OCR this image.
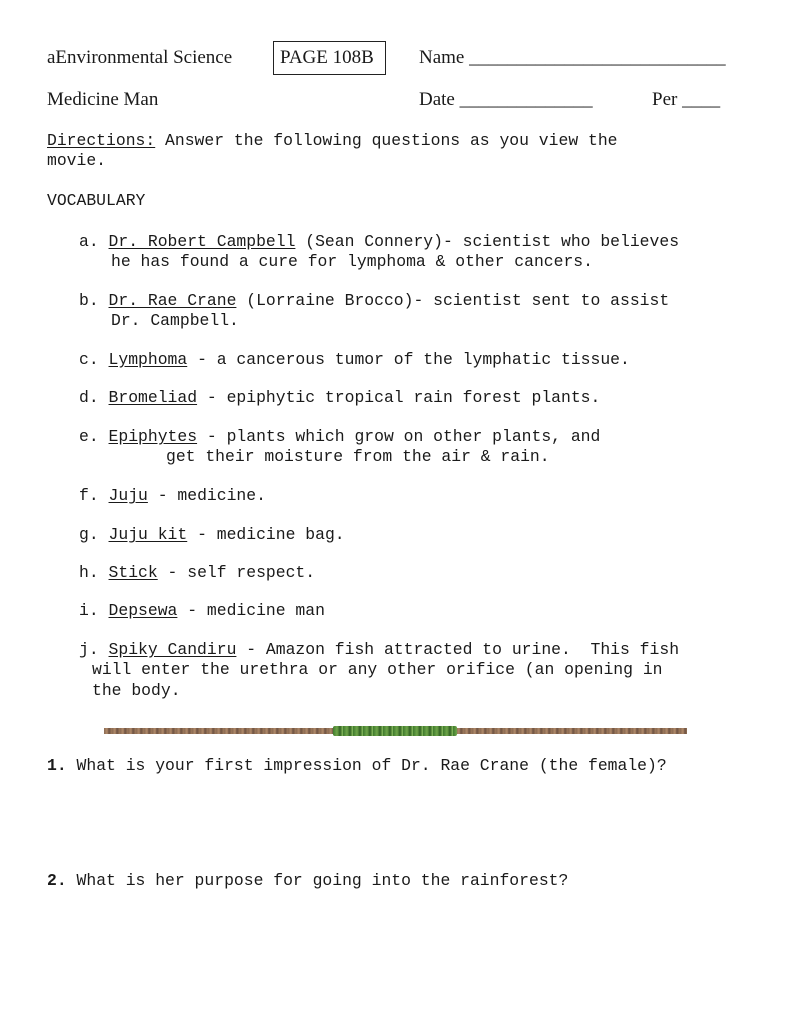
aEnvironmental Science	PAGE 108B Name ___________________________
Medicine Man	Date ______________	Per ____
Directions: Answer the following questions as you view the
movie.
VOCABULARY
a. Dr. Robert Campbell (Sean Connery)- scientist who believes
he has found a cure for lymphoma & other cancers.
b. Dr. Rae Crane (Lorraine Brocco)- scientist sent to assist
Dr. Campbell.
c. Lymphoma - a cancerous tumor of the lymphatic tissue.
d. Bromeliad - epiphytic tropical rain forest plants.
e. Epiphytes - plants which grow on other plants, and
get their moisture from the air & rain.
f. Juju - medicine.
g. Juju kit - medicine bag.
h. Stick - self respect.
i. Depsewa - medicine man
j. Spiky Candiru - Amazon fish attracted to urine.  This fish
will enter the urethra or any other orifice (an opening in
the body.
1. What is your first impression of Dr. Rae Crane (the female)?
2. What is her purpose for going into the rainforest?
